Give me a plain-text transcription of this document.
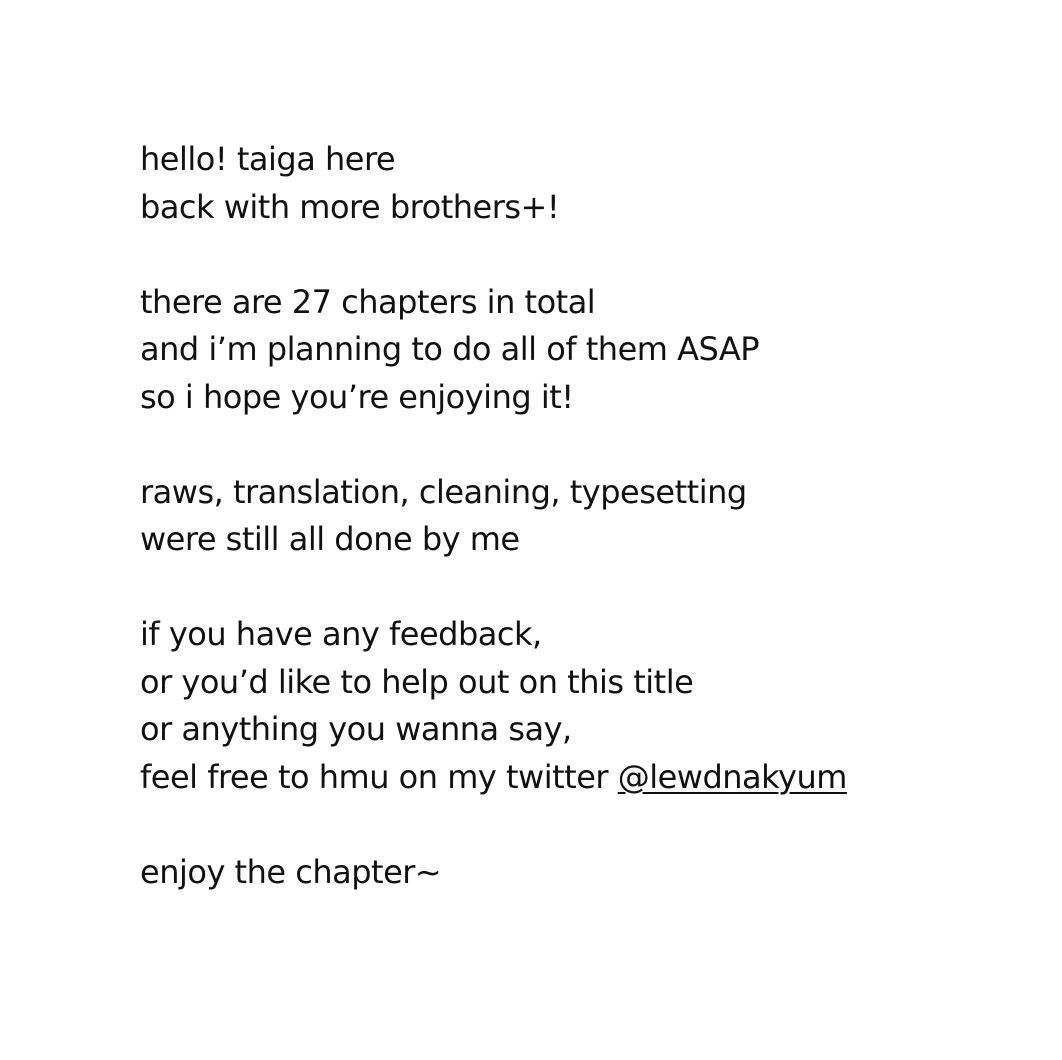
hello! taiga here
back with more brothers+!
there are 27 chapters in total
and i’m planning to do all of them ASAP
so i hope you’re enjoying it!
raws, translation, cleaning, typesetting
were still all done by me
if you have any feedback,
or you’d like to help out on this title
or anything you wanna say,
feel free to hmu on my twitter @lewdnakyum
enjoy the chapter~
